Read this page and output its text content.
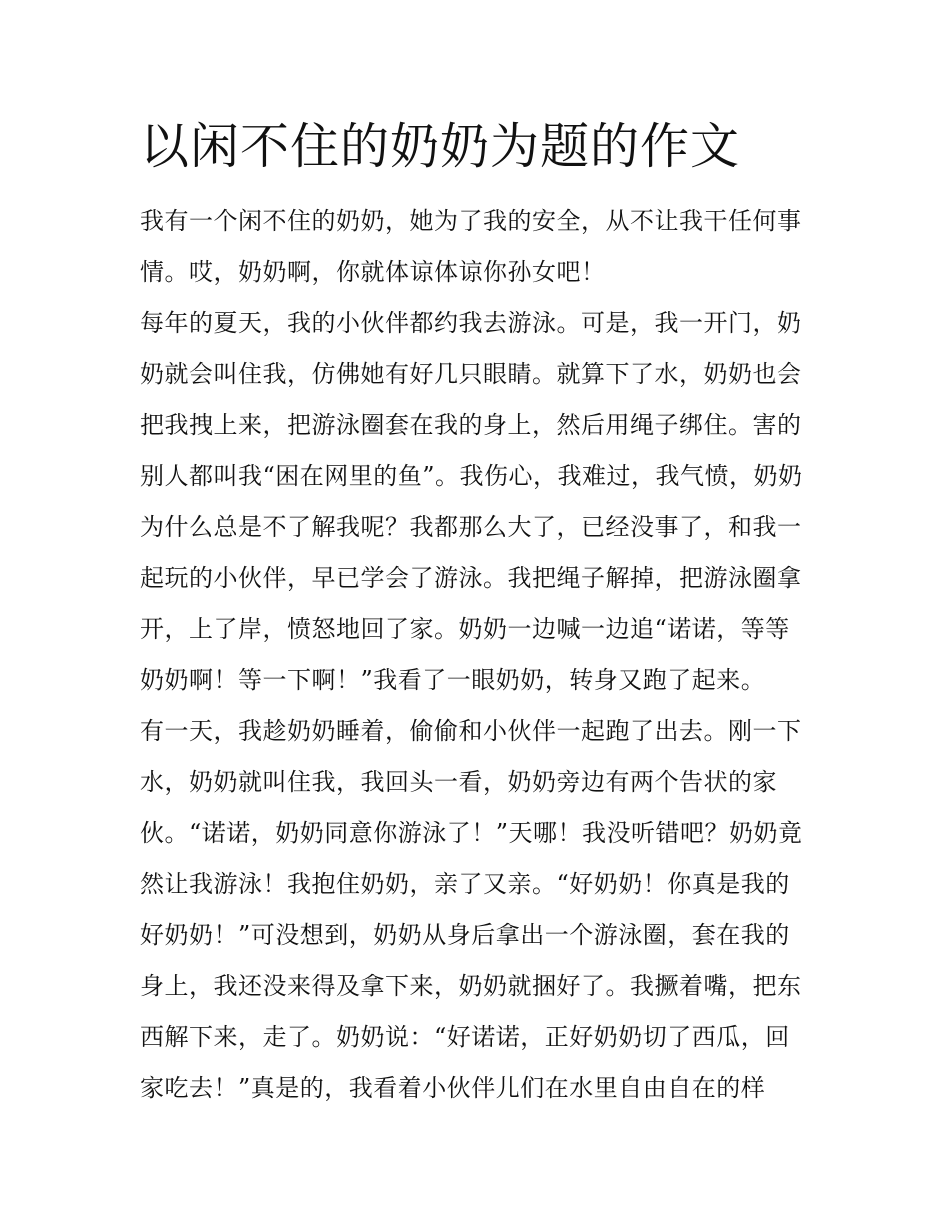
以闲不住的奶奶为题的作文

我有一个闲不住的奶奶，她为了我的安全，从不让我干任何事

情。哎，奶奶啊，你就体谅体谅你孙女吧！

每年的夏天，我的小伙伴都约我去游泳。可是，我一开门，奶

奶就会叫住我，仿佛她有好几只眼睛。就算下了水，奶奶也会

把我拽上来，把游泳圈套在我的身上，然后用绳子绑住。害的

别人都叫我“困在网里的鱼”。我伤心，我难过，我气愤，奶奶

为什么总是不了解我呢？我都那么大了，已经没事了，和我一

起玩的小伙伴，早已学会了游泳。我把绳子解掉，把游泳圈拿

开，上了岸，愤怒地回了家。奶奶一边喊一边追“诺诺，等等

奶奶啊！等一下啊！”我看了一眼奶奶，转身又跑了起来。

有一天，我趁奶奶睡着，偷偷和小伙伴一起跑了出去。刚一下

水，奶奶就叫住我，我回头一看，奶奶旁边有两个告状的家

伙。“诺诺，奶奶同意你游泳了！”天哪！我没听错吧？奶奶竟

然让我游泳！我抱住奶奶，亲了又亲。“好奶奶！你真是我的

好奶奶！”可没想到，奶奶从身后拿出一个游泳圈，套在我的

身上，我还没来得及拿下来，奶奶就捆好了。我撅着嘴，把东

西解下来，走了。奶奶说：“好诺诺，正好奶奶切了西瓜，回

家吃去！”真是的，我看着小伙伴儿们在水里自由自在的样
